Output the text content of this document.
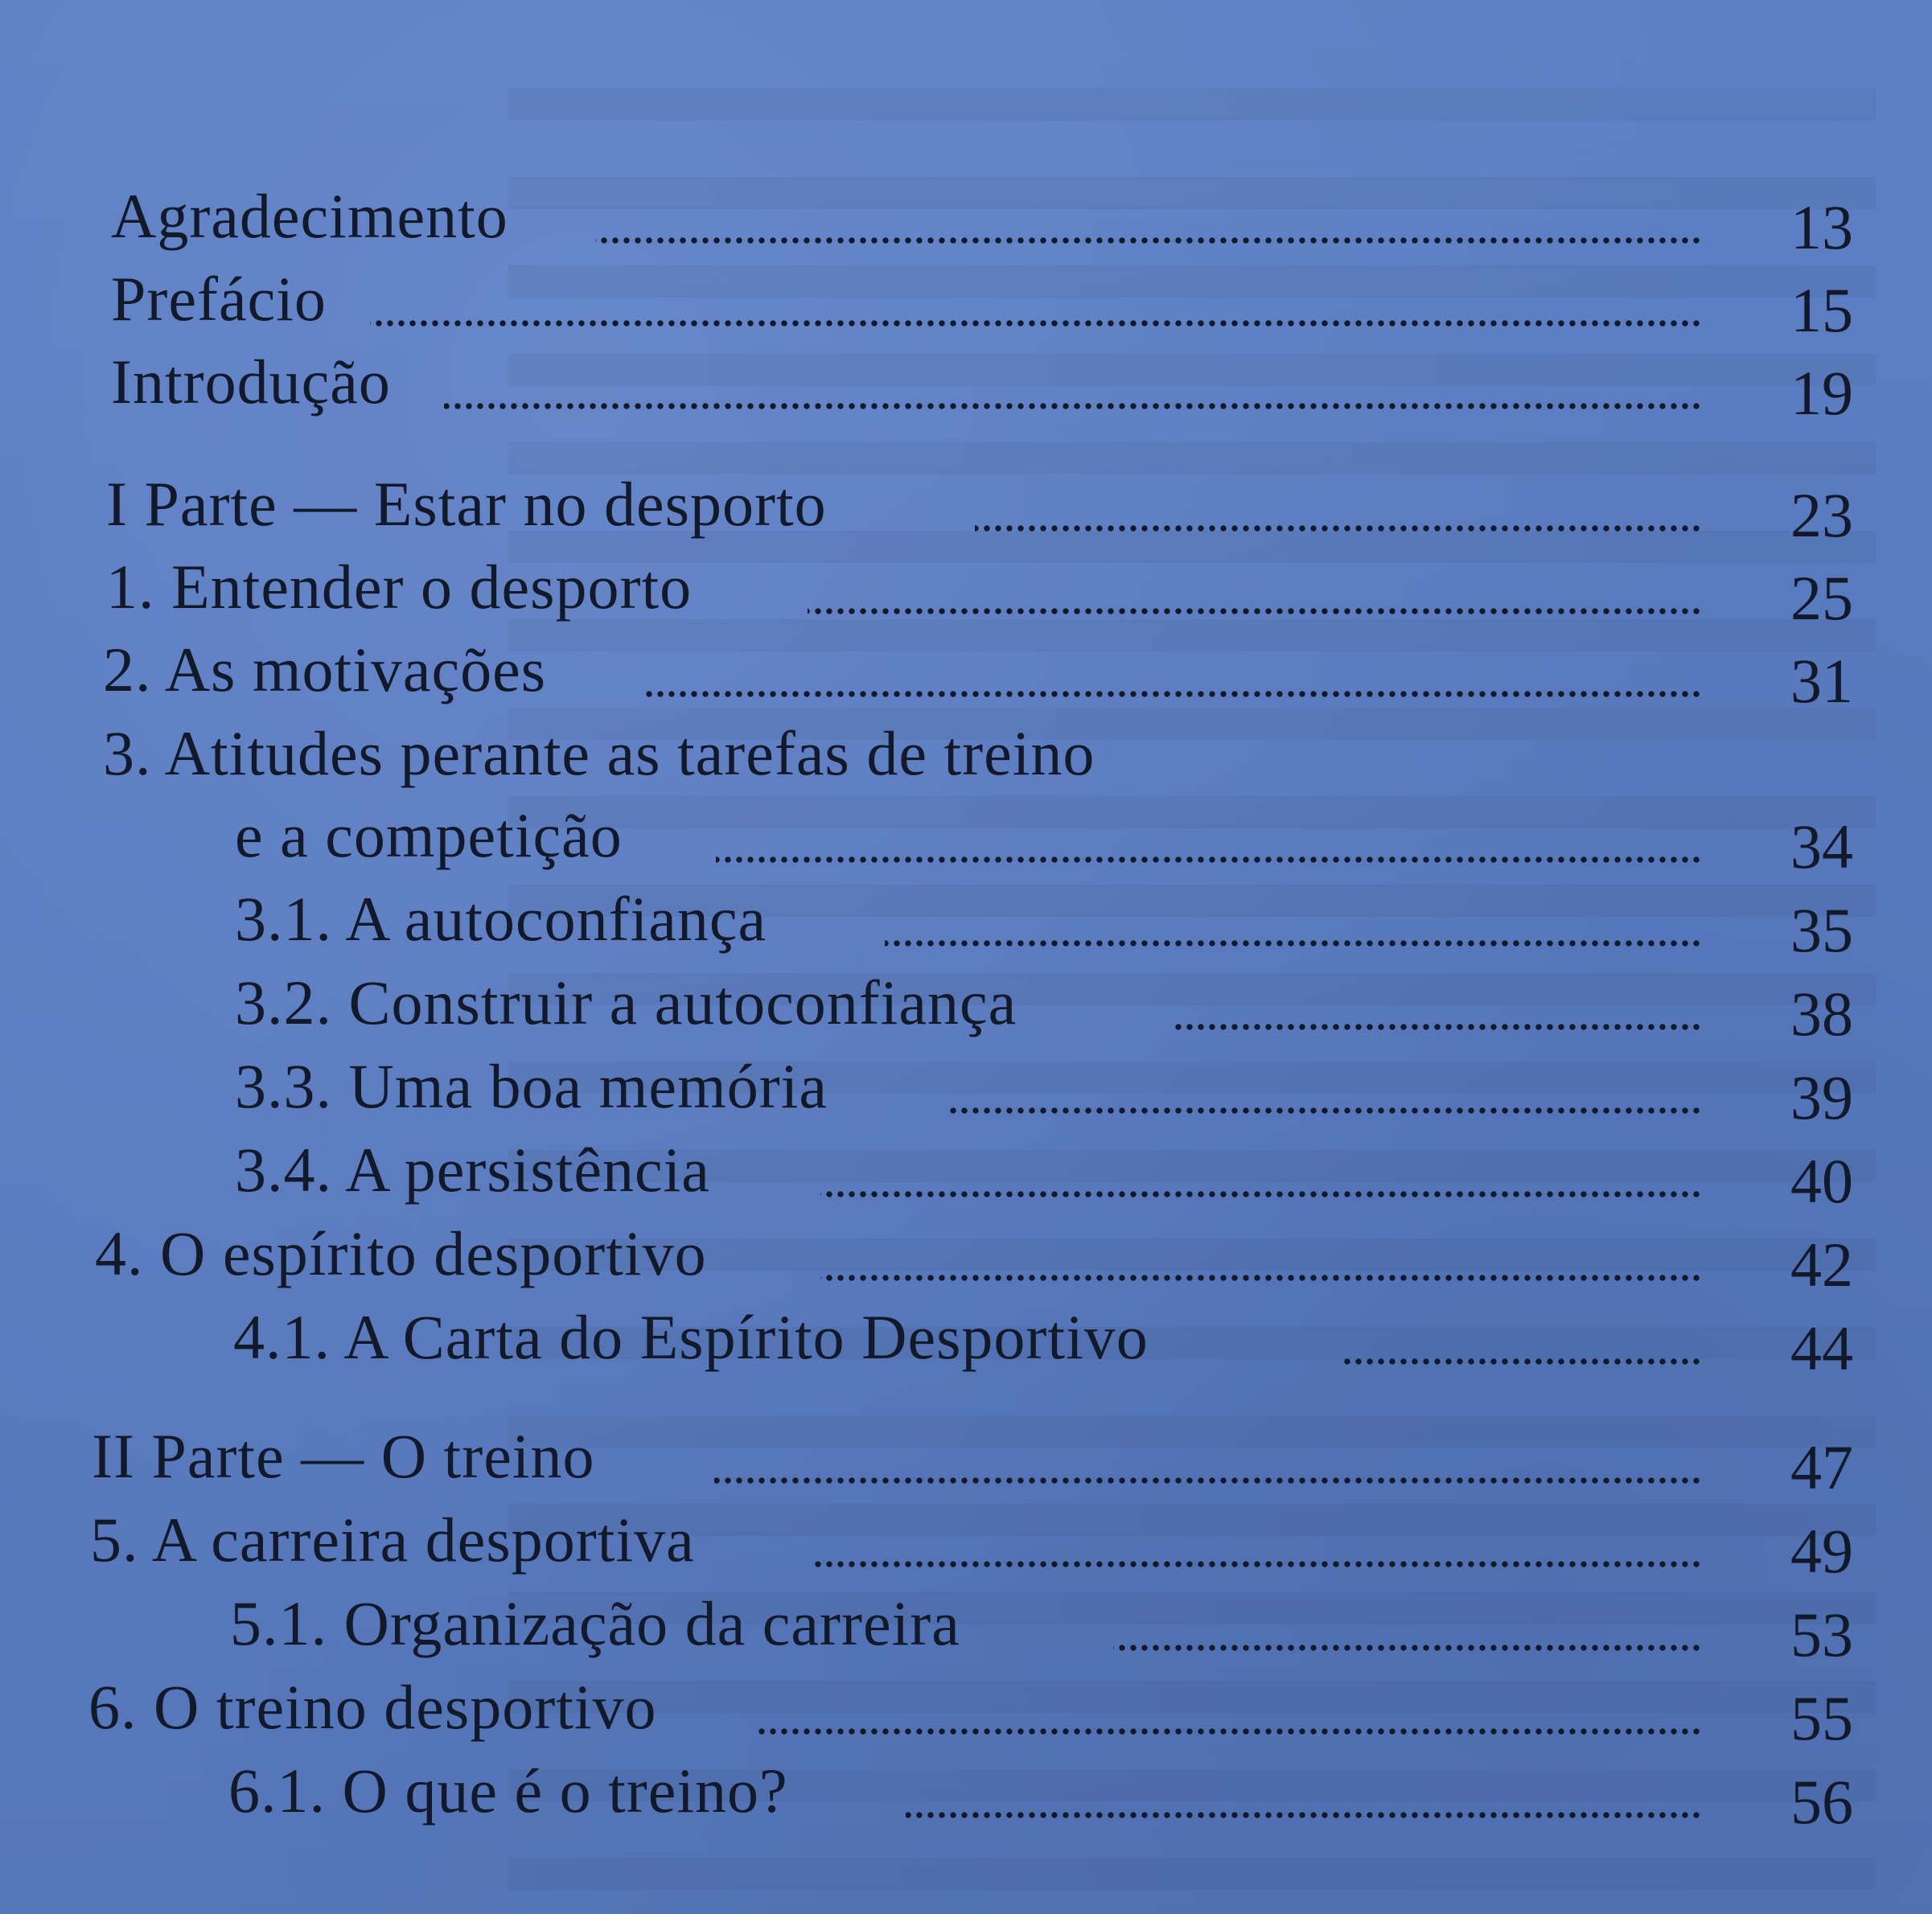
Agradecimento	13
Prefácio	15
Introdução	19
I Parte — Estar no desporto	23
1. Entender o desporto	25
2. As motivações	31
3. Atitudes perante as tarefas de treino
e a competição	34
3.1. A autoconfiança	35
3.2. Construir a autoconfiança	38
3.3. Uma boa memória	39
3.4. A persistência	40
4. O espírito desportivo	42
4.1. A Carta do Espírito Desportivo	44
II Parte — O treino	47
5. A carreira desportiva	49
5.1. Organização da carreira	53
6. O treino desportivo	55
6.1. O que é o treino?	56
